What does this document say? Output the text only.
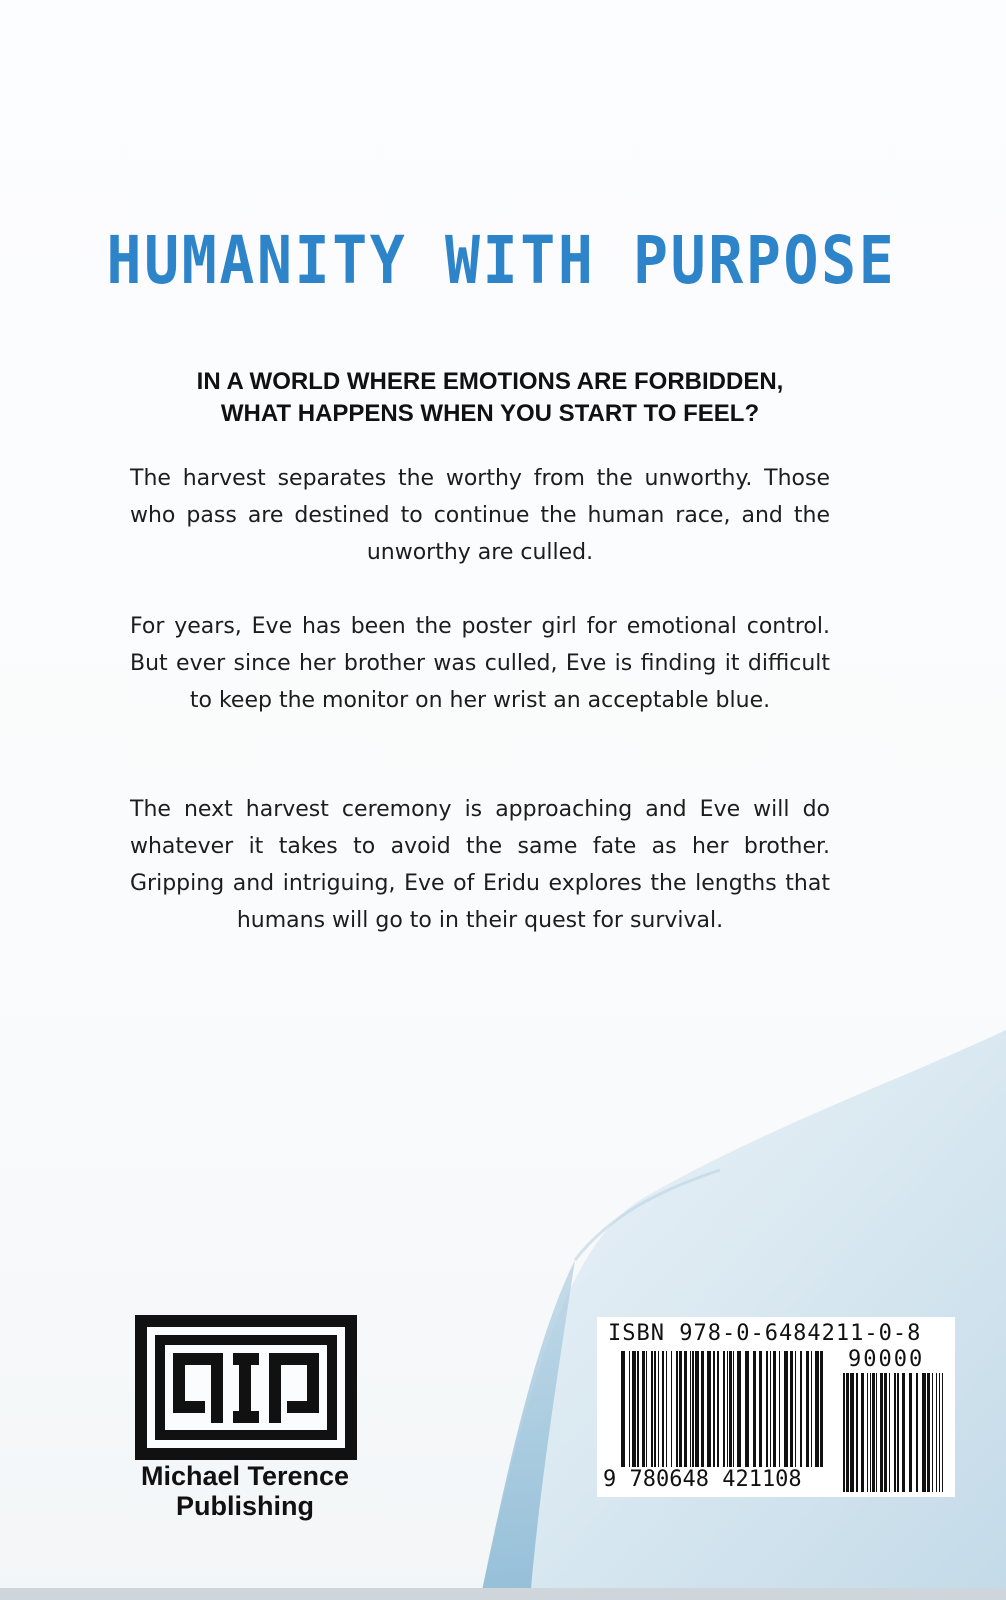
HUMANITY WITH PURPOSE
IN A WORLD WHERE EMOTIONS ARE FORBIDDEN,
WHAT HAPPENS WHEN YOU START TO FEEL?

The harvest separates the worthy from the unworthy. Those who pass are destined to continue the human race, and the unworthy are culled.

For years, Eve has been the poster girl for emotional control. But ever since her brother was culled, Eve is finding it difficult to keep the monitor on her wrist an acceptable blue.

The next harvest ceremony is approaching and Eve will do whatever it takes to avoid the same fate as her brother. Gripping and intriguing, Eve of Eridu explores the lengths that humans will go to in their quest for survival.

Michael Terence
Publishing
ISBN 978-0-6484211-0-8
90000
9 780648 421108
